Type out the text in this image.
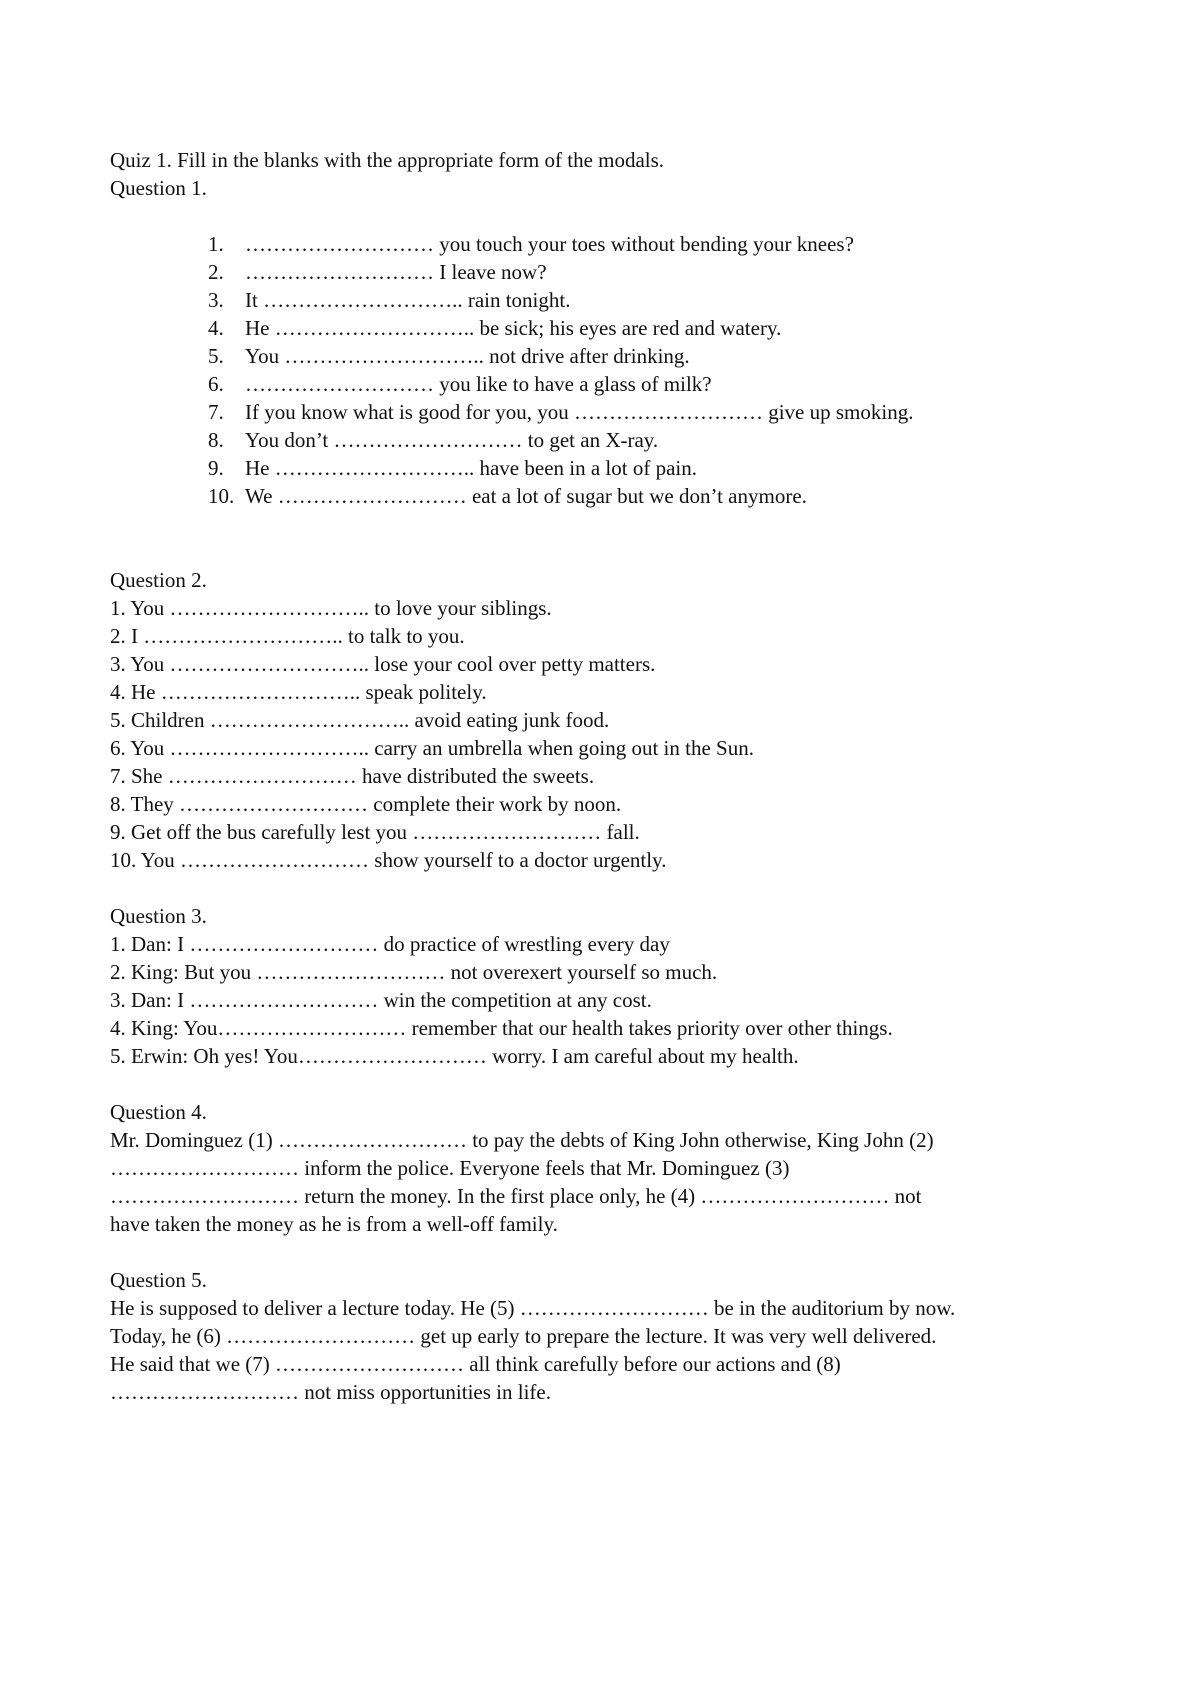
Quiz 1. Fill in the blanks with the appropriate form of the modals.
Question 1.
1. ……………………… you touch your toes without bending your knees?
2. ……………………… I leave now?
3. It ……………………….. rain tonight.
4. He ……………………….. be sick; his eyes are red and watery.
5. You ……………………….. not drive after drinking.
6. ……………………… you like to have a glass of milk?
7. If you know what is good for you, you ……………………… give up smoking.
8. You don’t ……………………… to get an X-ray.
9. He ……………………….. have been in a lot of pain.
10. We ……………………… eat a lot of sugar but we don’t anymore.
Question 2.
1. You ……………………….. to love your siblings.
2. I ……………………….. to talk to you.
3. You ……………………….. lose your cool over petty matters.
4. He ……………………….. speak politely.
5. Children ……………………….. avoid eating junk food.
6. You ……………………….. carry an umbrella when going out in the Sun.
7. She ……………………… have distributed the sweets.
8. They ……………………… complete their work by noon.
9. Get off the bus carefully lest you ……………………… fall.
10. You ……………………… show yourself to a doctor urgently.
Question 3.
1. Dan: I ……………………… do practice of wrestling every day
2. King: But you ……………………… not overexert yourself so much.
3. Dan: I ……………………… win the competition at any cost.
4. King: You……………………… remember that our health takes priority over other things.
5. Erwin: Oh yes! You……………………… worry. I am careful about my health.
Question 4.
Mr. Dominguez (1) ……………………… to pay the debts of King John otherwise, King John (2)
……………………… inform the police. Everyone feels that Mr. Dominguez (3)
……………………… return the money. In the first place only, he (4) ……………………… not
have taken the money as he is from a well-off family.
Question 5.
He is supposed to deliver a lecture today. He (5) ……………………… be in the auditorium by now.
Today, he (6) ……………………… get up early to prepare the lecture. It was very well delivered.
He said that we (7) ……………………… all think carefully before our actions and (8)
……………………… not miss opportunities in life.
